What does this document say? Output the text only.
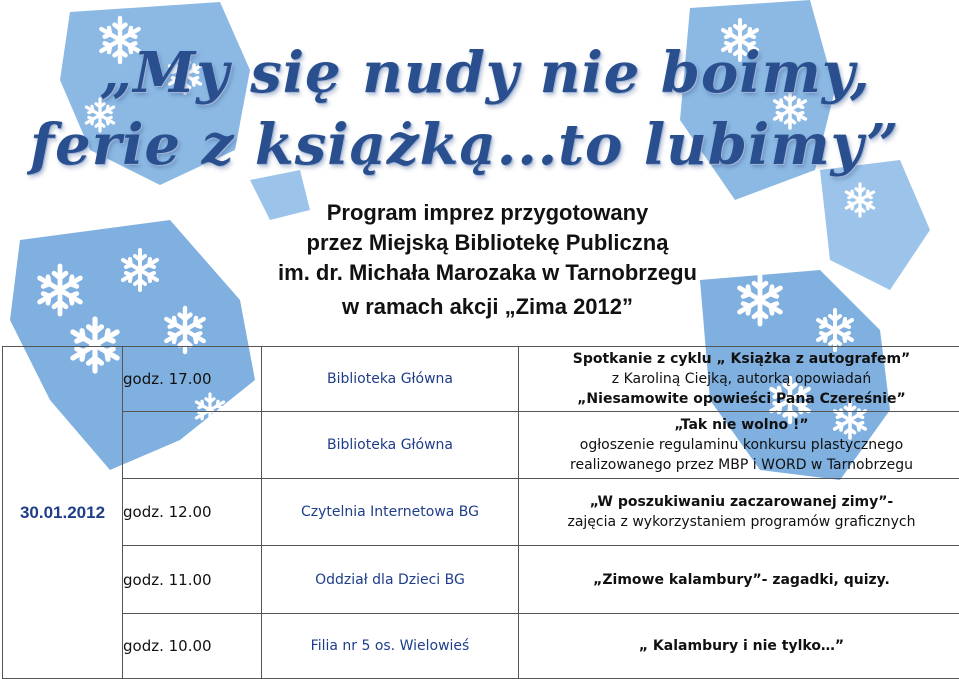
„My się nudy nie boimy,

ferie z książką...to lubimy”

Program imprez przygotowany

przez Miejską Bibliotekę Publiczną

im. dr. Michała Marozaka w Tarnobrzegu

w ramach akcji „Zima 2012”

30.01.2012	godz. 17.00	Biblioteka Główna	Spotkanie z cyklu „ Książka z autografem”
z Karoliną Ciejką, autorką opowiadań
„Niesamowite opowieści Pana Czereśnie”

		Biblioteka Główna	„Tak nie wolno !”
ogłoszenie regulaminu konkursu plastycznego
realizowanego przez MBP i WORD w Tarnobrzegu

	godz. 12.00	Czytelnia Internetowa BG	„W poszukiwaniu zaczarowanej zimy”-
zajęcia z wykorzystaniem programów graficznych

	godz. 11.00	Oddział dla Dzieci BG	„Zimowe kalambury”- zagadki, quizy.

	godz. 10.00	Filia nr 5 os. Wielowieś	„ Kalambury i nie tylko…”
